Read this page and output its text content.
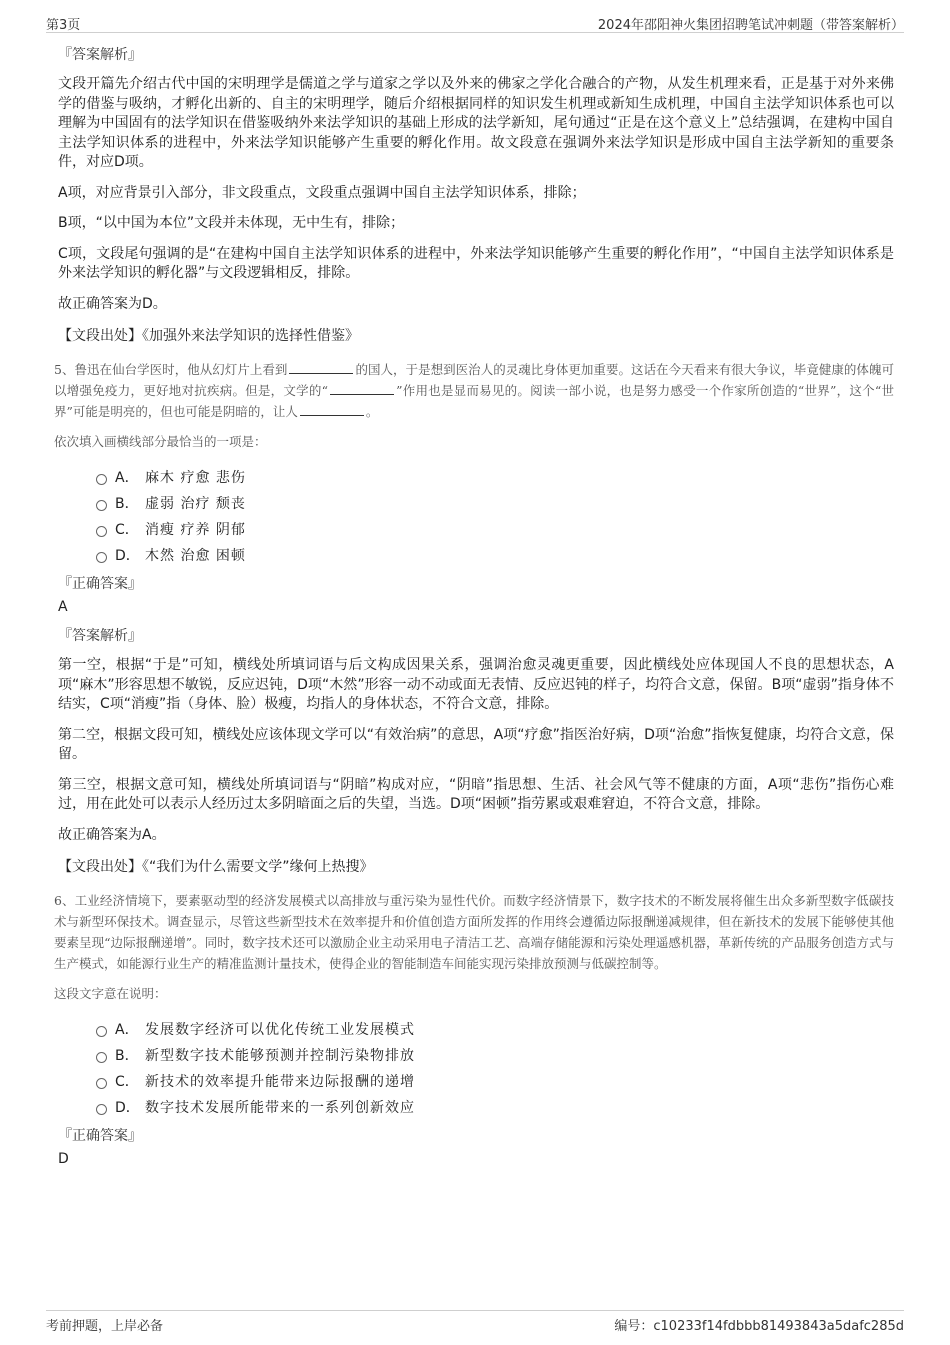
第3页	2024年邵阳神火集团招聘笔试冲刺题（带答案解析）
『答案解析』

文段开篇先介绍古代中国的宋明理学是儒道之学与道家之学以及外来的佛家之学化合融合的产物，从发生机理来看，正是基于对外来佛学的借鉴与吸纳，才孵化出新的、自主的宋明理学，随后介绍根据同样的知识发生机理或新知生成机理，中国自主法学知识体系也可以理解为中国固有的法学知识在借鉴吸纳外来法学知识的基础上形成的法学新知，尾句通过“正是在这个意义上”总结强调，在建构中国自主法学知识体系的进程中，外来法学知识能够产生重要的孵化作用。故文段意在强调外来法学知识是形成中国自主法学新知的重要条件，对应D项。

A项，对应背景引入部分，非文段重点，文段重点强调中国自主法学知识体系，排除；

B项，“以中国为本位”文段并未体现，无中生有，排除；

C项，文段尾句强调的是“在建构中国自主法学知识体系的进程中，外来法学知识能够产生重要的孵化作用”，“中国自主法学知识体系是外来法学知识的孵化器”与文段逻辑相反，排除。

故正确答案为D。

【文段出处】《加强外来法学知识的选择性借鉴》
5、鲁迅在仙台学医时，他从幻灯片上看到	的国人，于是想到医治人的灵魂比身体更加重要。这话在今天看来有很大争议，毕竟健康的体魄可以增强免疫力，更好地对抗疾病。但是，文学的“	”作用也是显而易见的。阅读一部小说，也是努力感受一个作家所创造的“世界”，这个“世界”可能是明亮的，但也可能是阴暗的，让人	。
依次填入画横线部分最恰当的一项是：
A． 麻木 疗愈 悲伤
B． 虚弱 治疗 颓丧
C． 消瘦 疗养 阴郁
D． 木然 治愈 困顿
『正确答案』
A
『答案解析』

第一空，根据“于是”可知，横线处所填词语与后文构成因果关系，强调治愈灵魂更重要，因此横线处应体现国人不良的思想状态，A项“麻木”形容思想不敏锐，反应迟钝，D项“木然”形容一动不动或面无表情、反应迟钝的样子，均符合文意，保留。B项“虚弱”指身体不结实，C项“消瘦”指（身体、脸）极瘦，均指人的身体状态，不符合文意，排除。

第二空，根据文段可知，横线处应该体现文学可以“有效治病”的意思，A项“疗愈”指医治好病，D项“治愈”指恢复健康，均符合文意，保留。

第三空，根据文意可知，横线处所填词语与“阴暗”构成对应，“阴暗”指思想、生活、社会风气等不健康的方面，A项“悲伤”指伤心难过，用在此处可以表示人经历过太多阴暗面之后的失望，当选。D项“困顿”指劳累或艰难窘迫，不符合文意，排除。

故正确答案为A。

【文段出处】《“我们为什么需要文学”缘何上热搜》
6、工业经济情境下，要素驱动型的经济发展模式以高排放与重污染为显性代价。而数字经济情景下，数字技术的不断发展将催生出众多新型数字低碳技术与新型环保技术。调查显示，尽管这些新型技术在效率提升和价值创造方面所发挥的作用终会遵循边际报酬递减规律，但在新技术的发展下能够使其他要素呈现“边际报酬递增”。同时，数字技术还可以激励企业主动采用电子清洁工艺、高端存储能源和污染处理遥感机器，革新传统的产品服务创造方式与生产模式，如能源行业生产的精准监测计量技术，使得企业的智能制造车间能实现污染排放预测与低碳控制等。
这段文字意在说明：
A． 发展数字经济可以优化传统工业发展模式
B． 新型数字技术能够预测并控制污染物排放
C． 新技术的效率提升能带来边际报酬的递增
D． 数字技术发展所能带来的一系列创新效应
『正确答案』
D
考前押题，上岸必备	编号：c10233f14fdbbb81493843a5dafc285d
